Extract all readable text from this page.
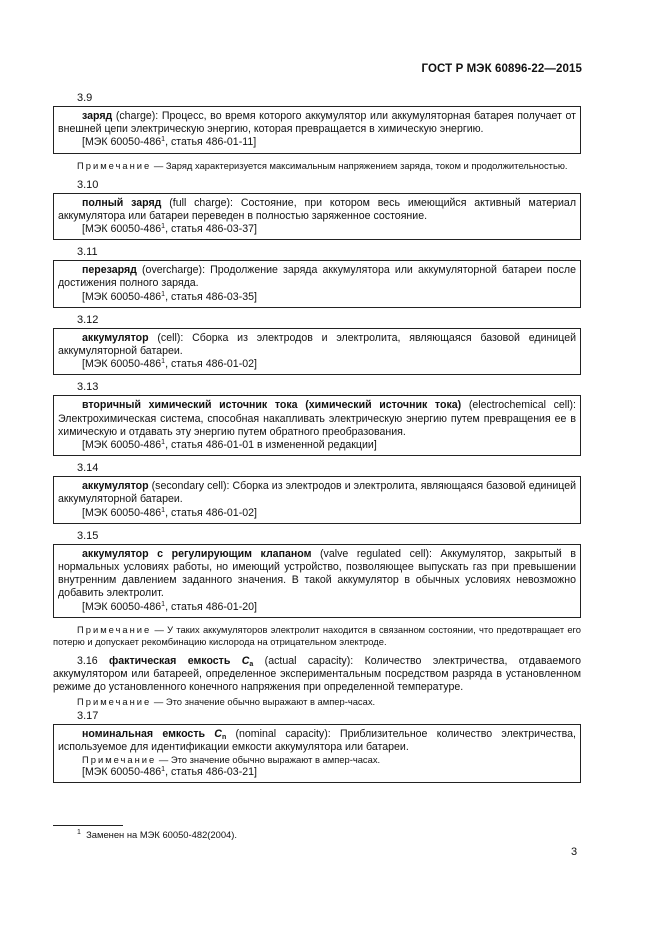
ГОСТ Р МЭК 60896-22—2015
3.9

заряд (charge): Процесс, во время которого аккумулятор или аккумуляторная батарея получает от внешней цепи электрическую энергию, которая превращается в химическую энергию.

[МЭК $60050-486^1$, статья 486-01-11]

Примечание — Заряд характеризуется максимальным напряжением заряда, током и продолжительностью.

3.10

полный заряд (full charge): Состояние, при котором весь имеющийся активный материал аккумулятора или батареи переведен в полностью заряженное состояние.

[МЭК $60050-486^1$, статья 486-03-37]

3.11

перезаряд (overcharge): Продолжение заряда аккумулятора или аккумуляторной батареи после достижения полного заряда.

[МЭК $60050-486^1$, статья 486-03-35]

3.12

аккумулятор (cell): Сборка из электродов и электролита, являющаяся базовой единицей аккумуляторной батареи.

[МЭК $60050-486^1$, статья 486-01-02]

3.13

вторичный химический источник тока (химический источник тока) (electrochemical cell): Электрохимическая система, способная накапливать электрическую энергию путем превращения ее в химическую и отдавать эту энергию путем обратного преобразования.

[МЭК $60050-486^1$, статья 486-01-01 в измененной редакции]

3.14

аккумулятор (secondary cell): Сборка из электродов и электролита, являющаяся базовой единицей аккумуляторной батареи.

[МЭК $60050-486^1$, статья 486-01-02]

3.15

аккумулятор с регулирующим клапаном (valve regulated cell): Аккумулятор, закрытый в нормальных условиях работы, но имеющий устройство, позволяющее выпускать газ при превышении внутренним давлением заданного значения. В такой аккумулятор в обычных условиях невозможно добавить электролит.

[МЭК $60050-486^1$, статья 486-01-20]

Примечание — У таких аккумуляторов электролит находится в связанном состоянии, что предотвращает его потерю и допускает рекомбинацию кислорода на отрицательном электроде.

3.16 фактическая емкость $C_a$ (actual capacity): Количество электричества, отдаваемого аккумулятором или батареей, определенное экспериментальным посредством разряда в установленном режиме до установленного конечного напряжения при определенной температуре.

Примечание — Это значение обычно выражают в ампер-часах.

3.17

номинальная емкость $C_n$ (nominal capacity): Приблизительное количество электричества, используемое для идентификации емкости аккумулятора или батареи.

Примечание — Это значение обычно выражают в ампер-часах.

[МЭК $60050-486^1$, статья 486-03-21]

$^1$ Заменен на МЭК 60050-482(2004).
3
